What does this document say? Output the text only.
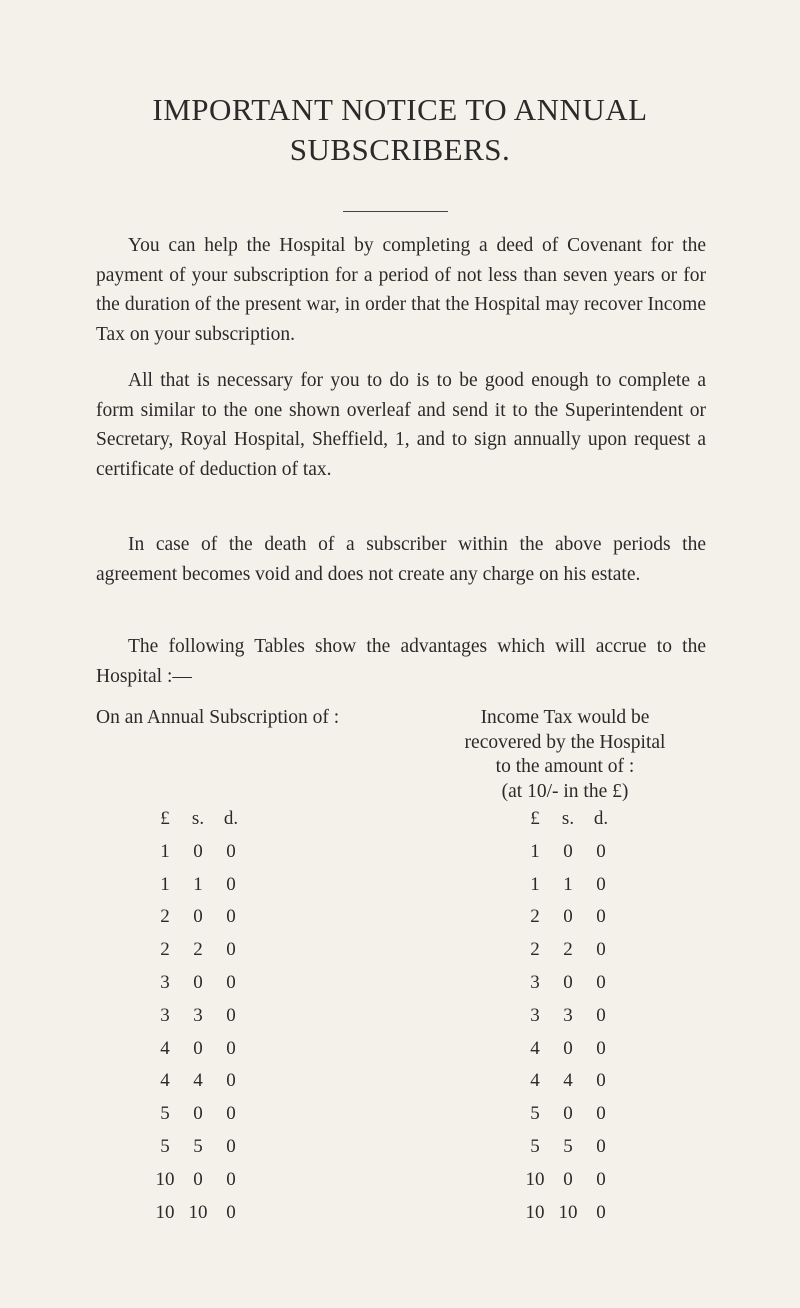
IMPORTANT NOTICE TO ANNUAL
SUBSCRIBERS.
You can help the Hospital by completing a deed of Covenant for the payment of your subscription for a period of not less than seven years or for the duration of the present war, in order that the Hospital may recover Income Tax on your subscription.
All that is necessary for you to do is to be good enough to complete a form similar to the one shown overleaf and send it to the Superintendent or Secretary, Royal Hospital, Sheffield, 1, and to sign annually upon request a certificate of deduction of tax.
In case of the death of a subscriber within the above periods the agreement becomes void and does not create any charge on his estate.
The following Tables show the advantages which will accrue to the Hospital :—
On an Annual Subscription of :	Income Tax would be
recovered by the Hospital
to the amount of :
(at 10/- in the £)
£	s.	d.
1	0	0
1	1	0
2	0	0
2	2	0
3	0	0
3	3	0
4	0	0
4	4	0
5	0	0
5	5	0
10 0	0
10 10 0
£	s.	d.
1	0	0
1	1	0
2	0	0
2	2	0
3	0	0
3	3	0
4	0	0
4	4	0
5	0	0
5	5	0
10 0	0
10 10 0
